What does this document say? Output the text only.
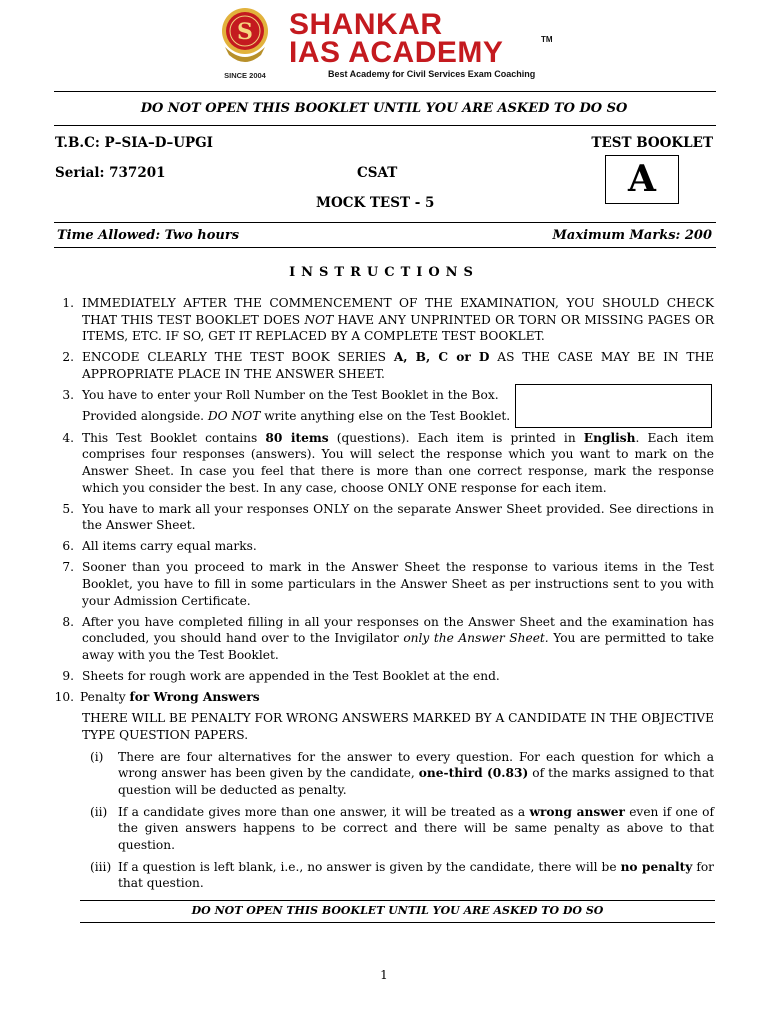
S
SINCE 2004
SHANKAR
IAS ACADEMY	TM
Best Academy for Civil Services Exam Coaching
DO NOT OPEN THIS BOOKLET UNTIL YOU ARE ASKED TO DO SO
T.B.C: P–SIA–D–UPGI	TEST BOOKLET
Serial: 737201	CSAT
MOCK TEST - 5
A
Time Allowed: Two hours	Maximum Marks: 200
INSTRUCTIONS
1. IMMEDIATELY AFTER THE COMMENCEMENT OF THE EXAMINATION, YOU SHOULD CHECK THAT THIS TEST BOOKLET DOES NOT HAVE ANY UNPRINTED OR TORN OR MISSING PAGES OR ITEMS, ETC. IF SO, GET IT REPLACED BY A COMPLETE TEST BOOKLET.
2. ENCODE CLEARLY THE TEST BOOK SERIES A, B, C or D AS THE CASE MAY BE IN THE APPROPRIATE PLACE IN THE ANSWER SHEET.
3. You have to enter your Roll Number on the Test Booklet in the Box.
Provided alongside. DO NOT write anything else on the Test Booklet.
4. This Test Booklet contains 80 items (questions). Each item is printed in English. Each item comprises four responses (answers). You will select the response which you want to mark on the Answer Sheet. In case you feel that there is more than one correct response, mark the response which you consider the best. In any case, choose ONLY ONE response for each item.
5. You have to mark all your responses ONLY on the separate Answer Sheet provided. See directions in the Answer Sheet.
6. All items carry equal marks.
7. Sooner than you proceed to mark in the Answer Sheet the response to various items in the Test Booklet, you have to fill in some particulars in the Answer Sheet as per instructions sent to you with your Admission Certificate.
8. After you have completed filling in all your responses on the Answer Sheet and the examination has concluded, you should hand over to the Invigilator only the Answer Sheet. You are permitted to take away with you the Test Booklet.
9. Sheets for rough work are appended in the Test Booklet at the end.
10. Penalty for Wrong Answers
THERE WILL BE PENALTY FOR WRONG ANSWERS MARKED BY A CANDIDATE IN THE OBJECTIVE TYPE QUESTION PAPERS.
(i) There are four alternatives for the answer to every question. For each question for which a wrong answer has been given by the candidate, one-third (0.83) of the marks assigned to that question will be deducted as penalty.
(ii) If a candidate gives more than one answer, it will be treated as a wrong answer even if one of the given answers happens to be correct and there will be same penalty as above to that question.
(iii) If a question is left blank, i.e., no answer is given by the candidate, there will be no penalty for that question.
DO NOT OPEN THIS BOOKLET UNTIL YOU ARE ASKED TO DO SO
1
